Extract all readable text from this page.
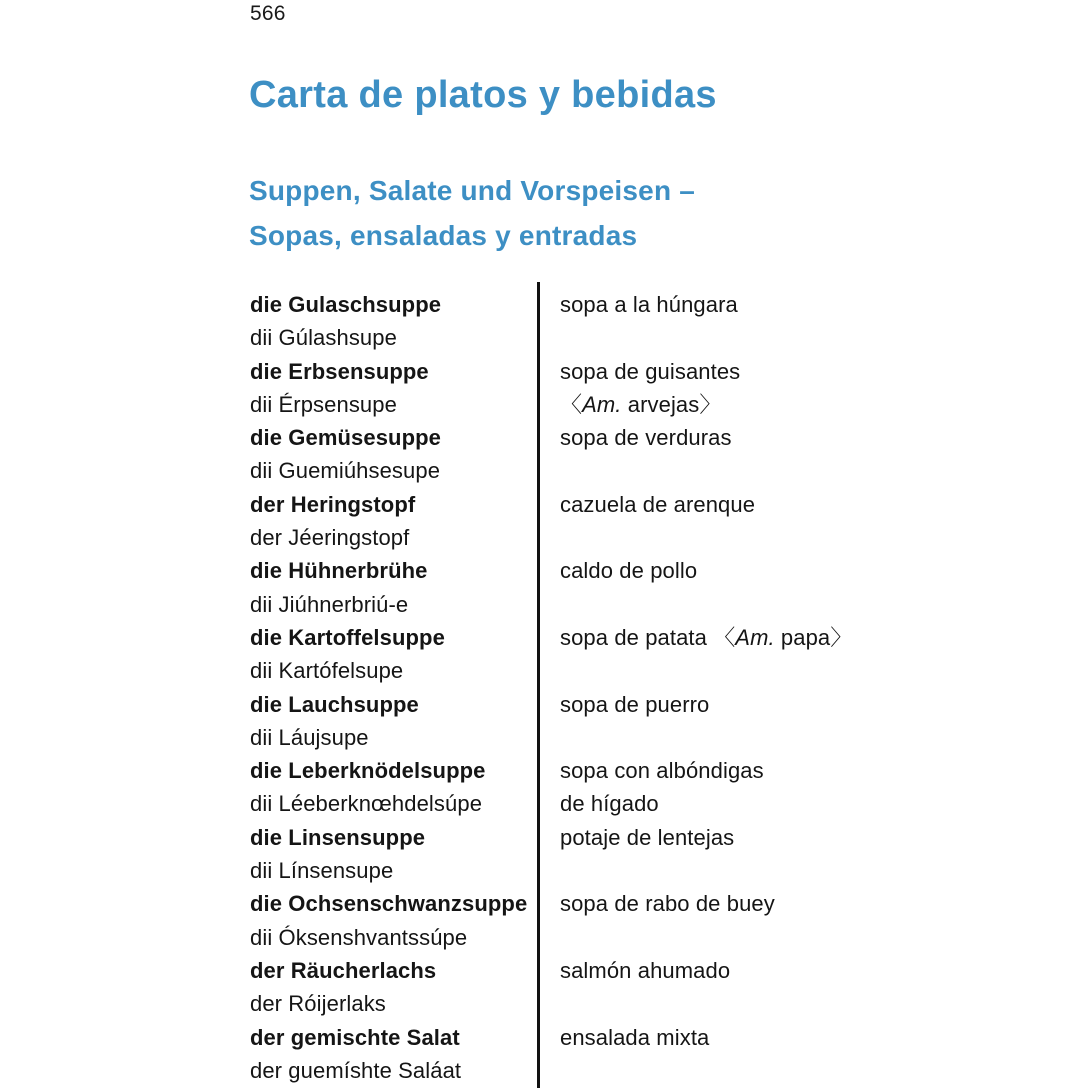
566
Carta de platos y bebidas
Suppen, Salate und Vorspeisen –
Sopas, ensaladas y entradas
die Gulaschsuppe
dii Gúlashsupe
die Erbsensuppe
dii Érpsensupe
die Gemüsesuppe
dii Guemiúhsesupe
der Heringstopf
der Jéeringstopf
die Hühnerbrühe
dii Jiúhnerbriú-e
die Kartoffelsuppe
dii Kartófelsupe
die Lauchsuppe
dii Láujsupe
die Leberknödelsuppe
dii Léeberknœhdelsúpe
die Linsensuppe
dii Línsensupe
die Ochsenschwanzsuppe
dii Óksenshvantssúpe
der Räucherlachs
der Róijerlaks
der gemischte Salat
der guemíshte Saláat
sopa a la húngara

sopa de guisantes
〈Am. arvejas〉
sopa de verduras

cazuela de arenque

caldo de pollo

sopa de patata 〈Am. papa〉

sopa de puerro

sopa con albóndigas
de hígado
potaje de lentejas

sopa de rabo de buey

salmón ahumado

ensalada mixta
